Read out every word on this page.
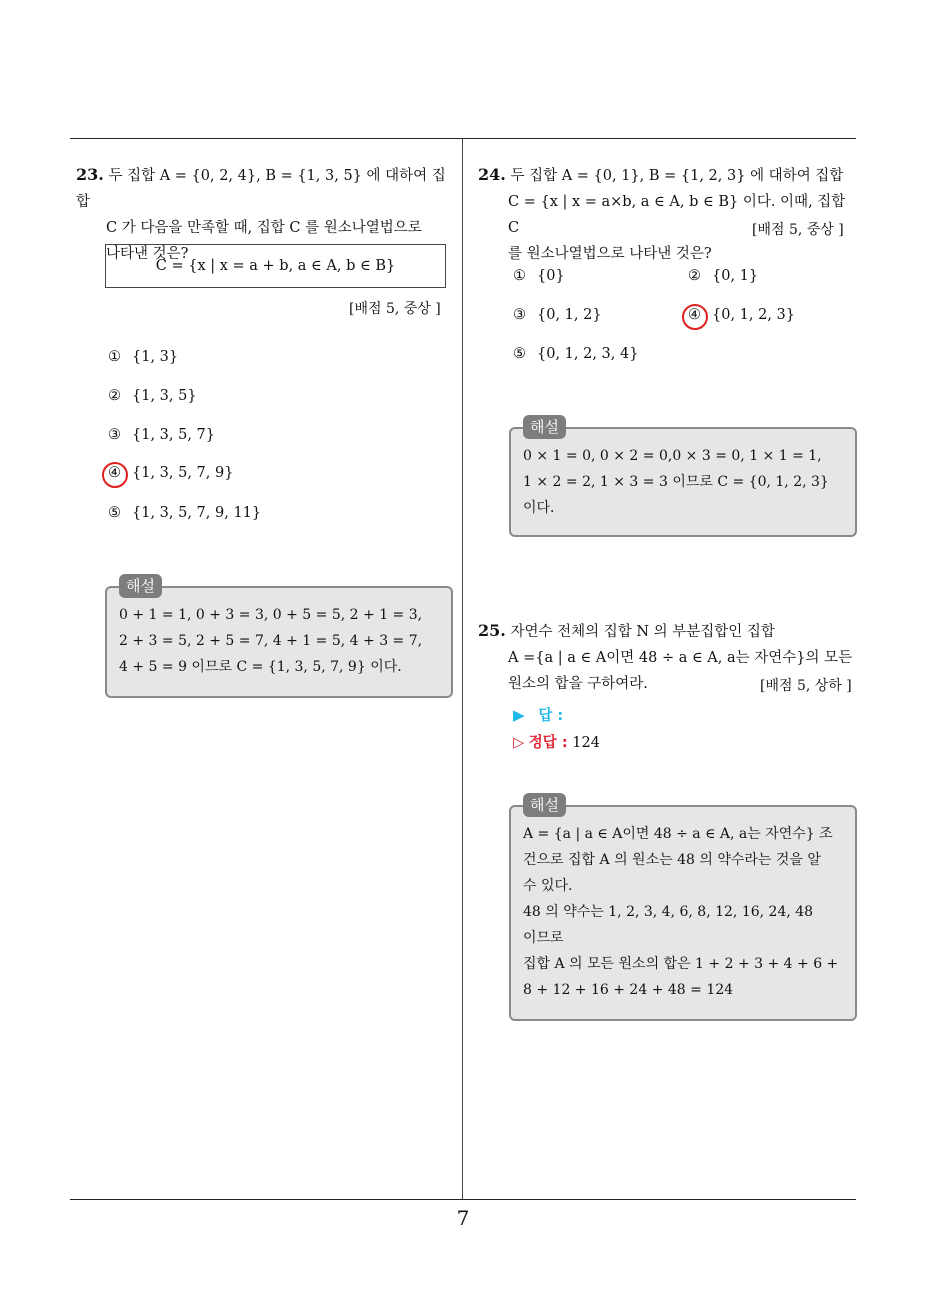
23. 두 집합 A = {0, 2, 4}, B = {1, 3, 5} 에 대하여 집합
C 가 다음을 만족할 때, 집합 C 를 원소나열법으로
나타낸 것은?
C = {x | x = a + b, a ∈ A, b ∈ B}
[배점 5, 중상 ]
① {1, 3}
② {1, 3, 5}
③ {1, 3, 5, 7}
④ {1, 3, 5, 7, 9}
⑤ {1, 3, 5, 7, 9, 11}
해설

0 + 1 = 1, 0 + 3 = 3, 0 + 5 = 5, 2 + 1 = 3,

2 + 3 = 5, 2 + 5 = 7, 4 + 1 = 5, 4 + 3 = 7,

4 + 5 = 9 이므로 C = {1, 3, 5, 7, 9} 이다.

24. 두 집합 A = {0, 1}, B = {1, 2, 3} 에 대하여 집합
C = {x | x = a×b, a ∈ A, b ∈ B} 이다. 이때, 집합 C
를 원소나열법으로 나타낸 것은?
[배점 5, 중상 ]
① {0}	② {0, 1}
③ {0, 1, 2}	④ {0, 1, 2, 3}
⑤ {0, 1, 2, 3, 4}
해설

0 × 1 = 0, 0 × 2 = 0,0 × 3 = 0, 1 × 1 = 1,

1 × 2 = 2, 1 × 3 = 3 이므로 C = {0, 1, 2, 3}

이다.

25. 자연수 전체의 집합 N 의 부분집합인 집합
A ={a | a ∈ A이면 48 ÷ a ∈ A, a는 자연수}의 모든
원소의 합을 구하여라.	[배점 5, 상하 ]
▶ 답 :
▷ 정답 : 124
해설

A = {a | a ∈ A이면 48 ÷ a ∈ A, a는 자연수} 조

건으로 집합 A 의 원소는 48 의 약수라는 것을 알

수 있다.

48 의 약수는 1, 2, 3, 4, 6, 8, 12, 16, 24, 48

이므로

집합 A 의 모든 원소의 합은 1 + 2 + 3 + 4 + 6 +

8 + 12 + 16 + 24 + 48 = 124

7
